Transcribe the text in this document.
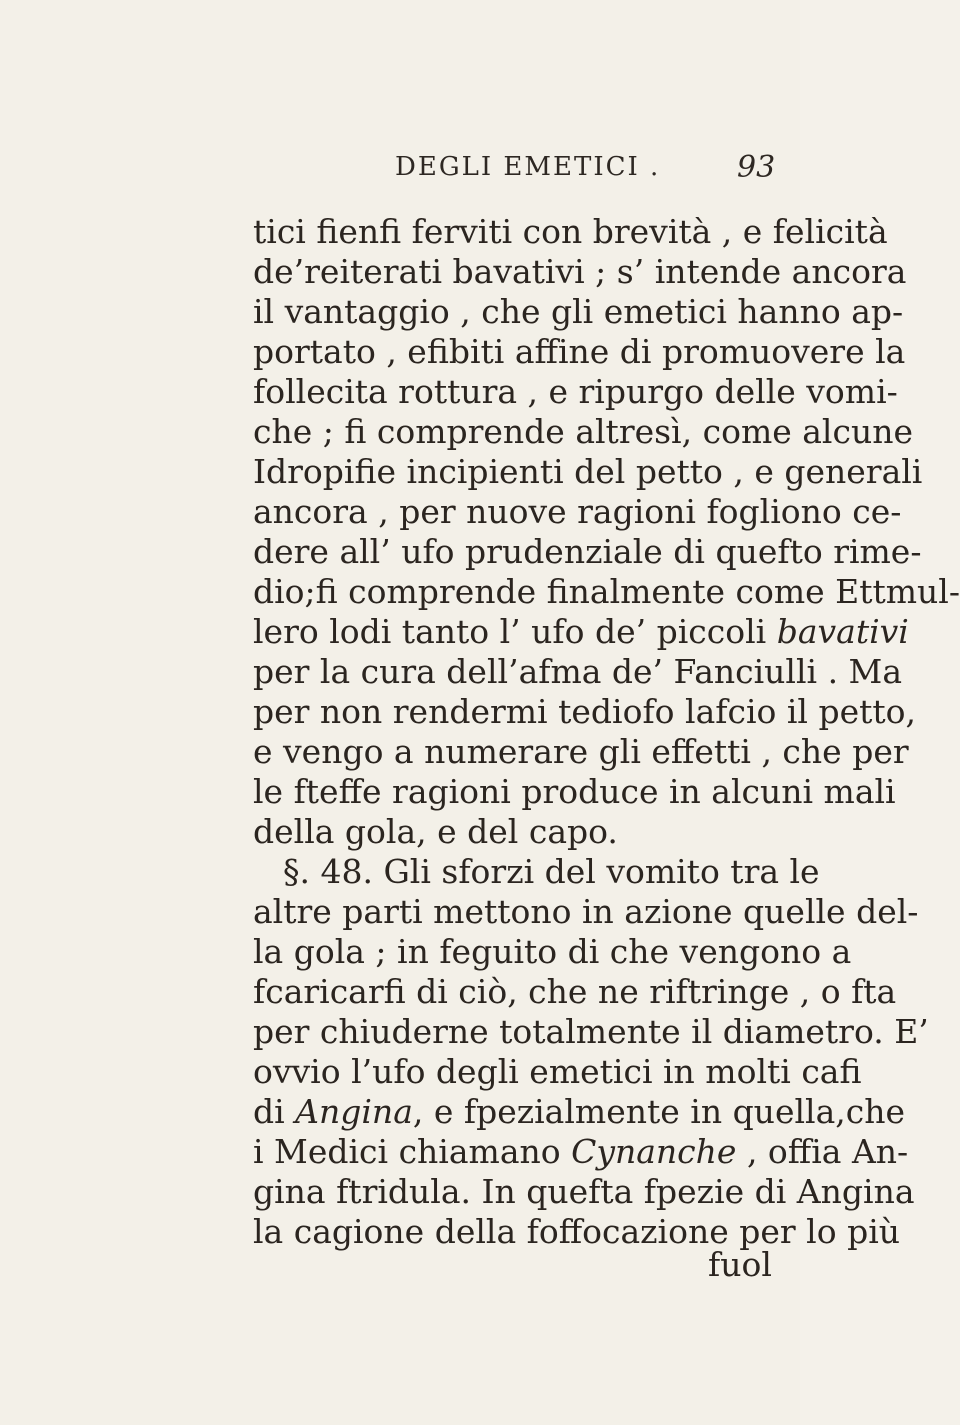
DEGLI EMETICI .	93
tici fienfi ferviti con brevità , e felicità
de’reiterati bavativi ; s’ intende ancora
il vantaggio , che gli emetici hanno ap-
portato , efibiti affine di promuovere la
follecita rottura , e ripurgo delle vomi-
che ; fi comprende altresì, come alcune
Idropifie incipienti del petto , e generali
ancora , per nuove ragioni fogliono ce-
dere all’ ufo prudenziale di quefto rime-
dio;fi comprende finalmente come Ettmul-
lero lodi tanto l’ ufo de’ piccoli bavativi
per la cura dell’afma de’ Fanciulli . Ma
per non rendermi tediofo lafcio il petto,
e vengo a numerare gli effetti , che per
le fteffe ragioni produce in alcuni mali
della gola, e del capo.
§. 48. Gli sforzi del vomito tra le
altre parti mettono in azione quelle del-
la gola ; in feguito di che vengono a
fcaricarfi di ciò, che ne riftringe , o fta
per chiuderne totalmente il diametro. E’
ovvio l’ufo degli emetici in molti cafi
di Angina, e fpezialmente in quella,che
i Medici chiamano Cynanche , offia An-
gina ftridula. In quefta fpezie di Angina
la cagione della foffocazione per lo più
fuol
